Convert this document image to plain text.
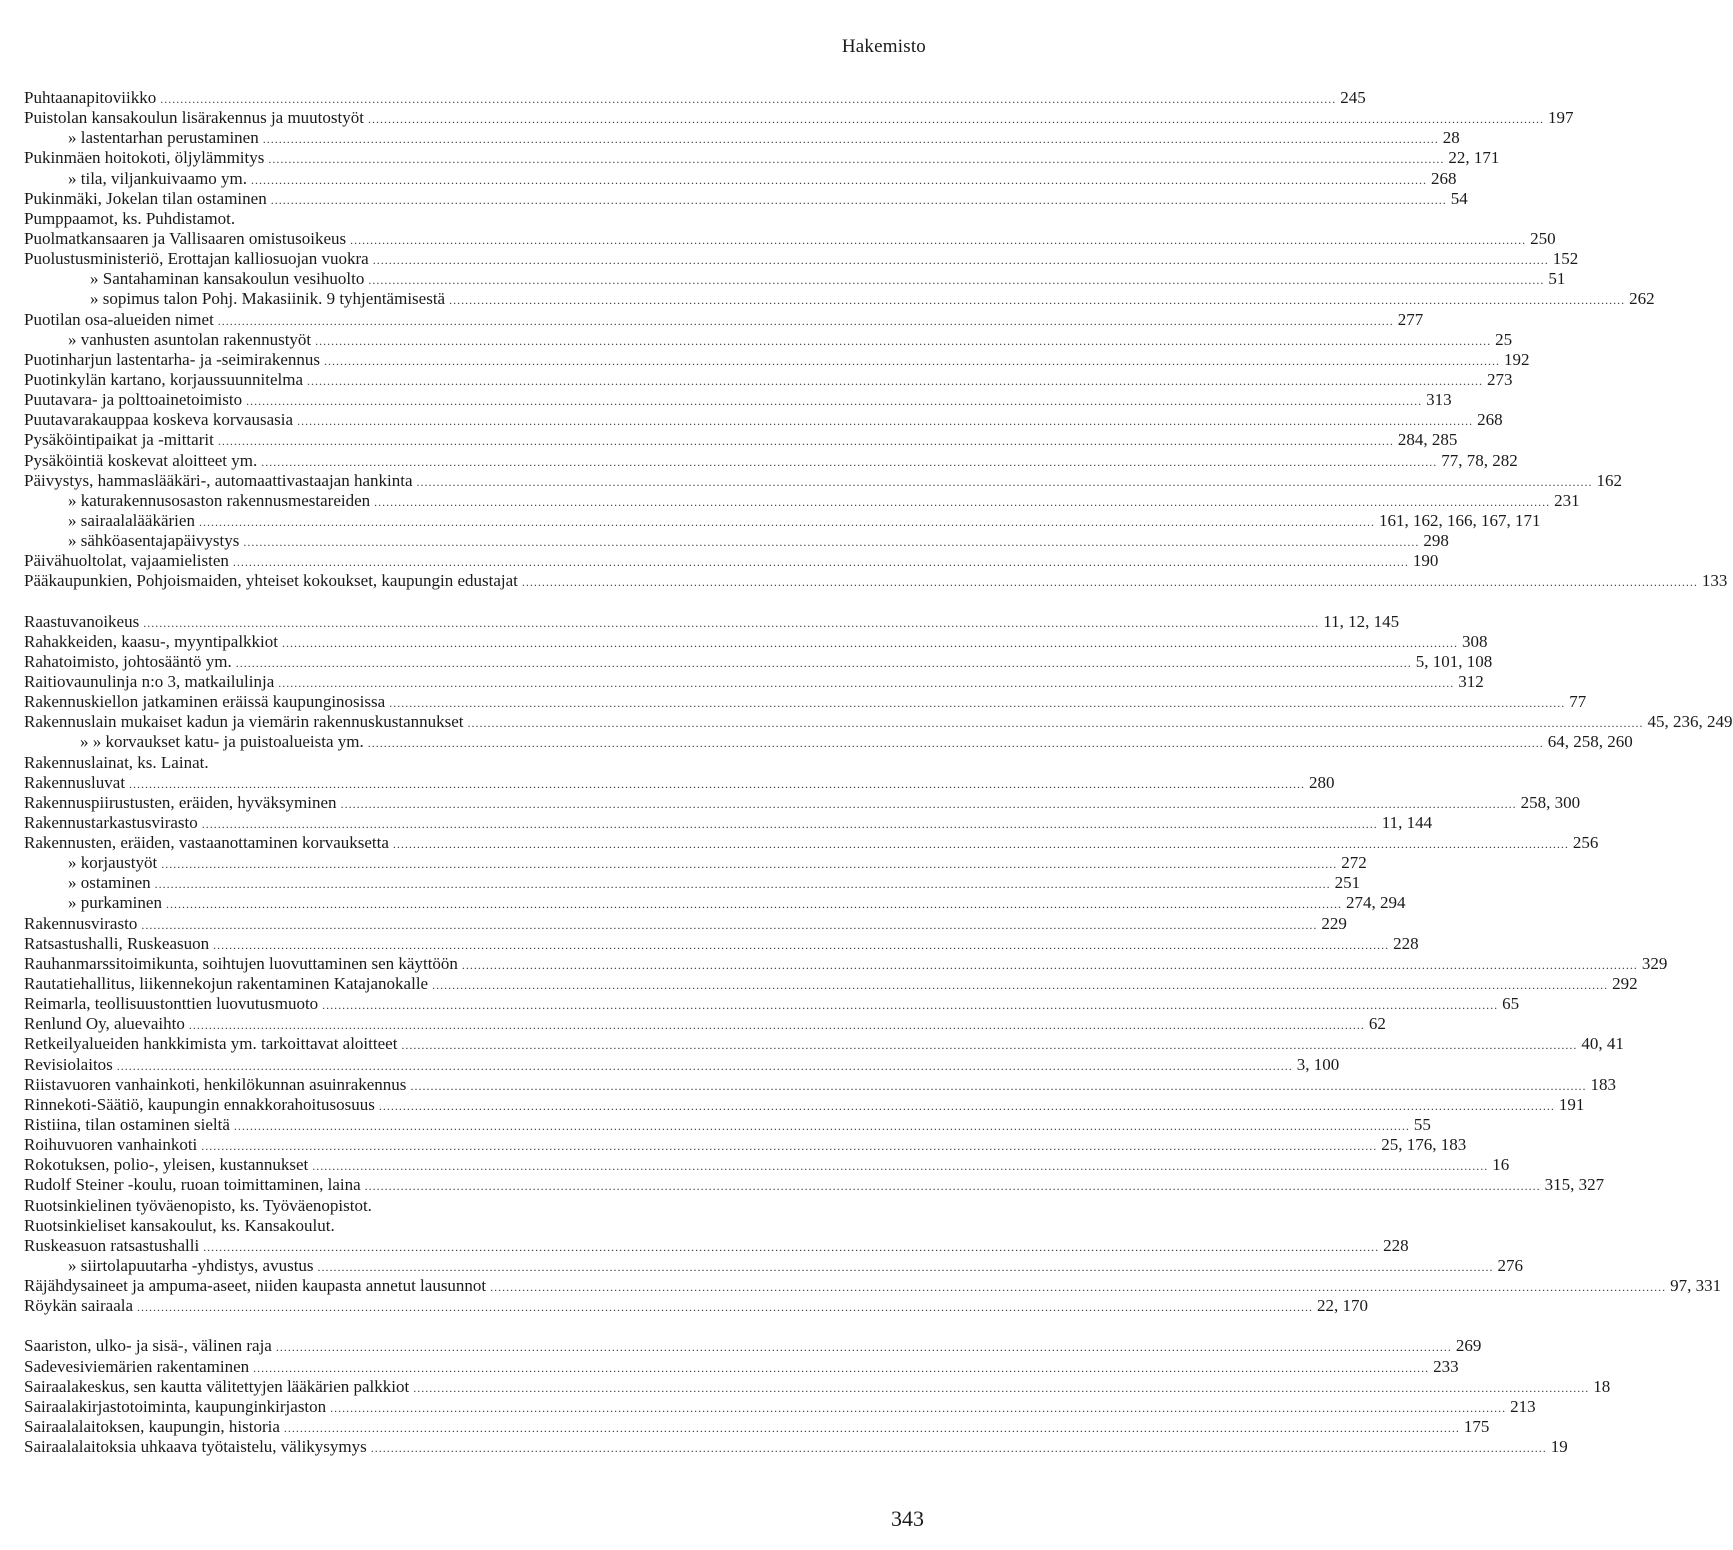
Hakemisto
Puhtaanapitoviikko .....	245
Puistolan kansakoulun lisärakennus ja muutostyöt .....	197
» lastentarhan perustaminen .....	28
Pukinmäen hoitokoti, öljylämmitys .....	22, 171
» tila, viljankuivaamo ym. .....	268
Pukinmäki, Jokelan tilan ostaminen .....	54
Pumppaamot, ks. Puhdistamot.
Puolmatkansaaren ja Vallisaaren omistusoikeus .....	250
Puolustusministeriö, Erottajan kalliosuojan vuokra .....	152
» Santahaminan kansakoulun vesihuolto .....	51
» sopimus talon Pohj. Makasiinik. 9 tyhjentämisestä .....	262
Puotilan osa-alueiden nimet .....	277
» vanhusten asuntolan rakennustyöt .....	25
Puotinharjun lastentarha- ja -seimirakennus .....	192
Puotinkylän kartano, korjaussuunnitelma .....	273
Puutavara- ja polttoainetoimisto .....	313
Puutavarakauppaa koskeva korvausasia .....	268
Pysäköintipaikat ja -mittarit .....	284, 285
Pysäköintiä koskevat aloitteet ym. .....	77, 78, 282
Päivystys, hammaslääkäri-, automaattivastaajan hankinta .....	162
» katurakennusosaston rakennusmestareiden .....	231
» sairaalalääkärien .....	161, 162, 166, 167, 171
» sähköasentajapäivystys .....	298
Päivähuoltolat, vajaamielisten .....	190
Pääkaupunkien, Pohjoismaiden, yhteiset kokoukset, kaupungin edustajat .....	133
Raastuvanoikeus .....	11, 12, 145
Rahakkeiden, kaasu-, myyntipalkkiot .....	308
Rahatoimisto, johtosääntö ym. .....	5, 101, 108
Raitiovaunulinja n:o 3, matkailulinja .....	312
Rakennuskiellon jatkaminen eräissä kaupunginosissa .....	77
Rakennuslain mukaiset kadun ja viemärin rakennuskustannukset .....	45, 236, 249
» » korvaukset katu- ja puistoalueista ym. .....	64, 258, 260
Rakennuslainat, ks. Lainat.
Rakennusluvat .....	280
Rakennuspiirustusten, eräiden, hyväksyminen .....	258, 300
Rakennustarkastusvirasto .....	11, 144
Rakennusten, eräiden, vastaanottaminen korvauksetta .....	256
» korjaustyöt .....	272
» ostaminen .....	251
» purkaminen .....	274, 294
Rakennusvirasto .....	229
Ratsastushalli, Ruskeasuon .....	228
Rauhanmarssitoimikunta, soihtujen luovuttaminen sen käyttöön .....	329
Rautatiehallitus, liikennekojun rakentaminen Katajanokalle .....	292
Reimarla, teollisuustonttien luovutusmuoto .....	65
Renlund Oy, aluevaihto .....	62
Retkeilyalueiden hankkimista ym. tarkoittavat aloitteet .....	40, 41
Revisiolaitos .....	3, 100
Riistavuoren vanhainkoti, henkilökunnan asuinrakennus .....	183
Rinnekoti-Säätiö, kaupungin ennakkorahoitusosuus .....	191
Ristiina, tilan ostaminen sieltä .....	55
Roihuvuoren vanhainkoti .....	25, 176, 183
Rokotuksen, polio-, yleisen, kustannukset .....	16
Rudolf Steiner -koulu, ruoan toimittaminen, laina .....	315, 327
Ruotsinkielinen työväenopisto, ks. Työväenopistot.
Ruotsinkieliset kansakoulut, ks. Kansakoulut.
Ruskeasuon ratsastushalli .....	228
» siirtolapuutarha -yhdistys, avustus .....	276
Räjähdysaineet ja ampuma-aseet, niiden kaupasta annetut lausunnot .....	97, 331
Röykän sairaala .....	22, 170
Saariston, ulko- ja sisä-, välinen raja .....	269
Sadevesiviemärien rakentaminen .....	233
Sairaalakeskus, sen kautta välitettyjen lääkärien palkkiot .....	18
Sairaalakirjastotoiminta, kaupunginkirjaston .....	213
Sairaalalaitoksen, kaupungin, historia .....	175
Sairaalalaitoksia uhkaava työtaistelu, välikysymys .....	19
343
